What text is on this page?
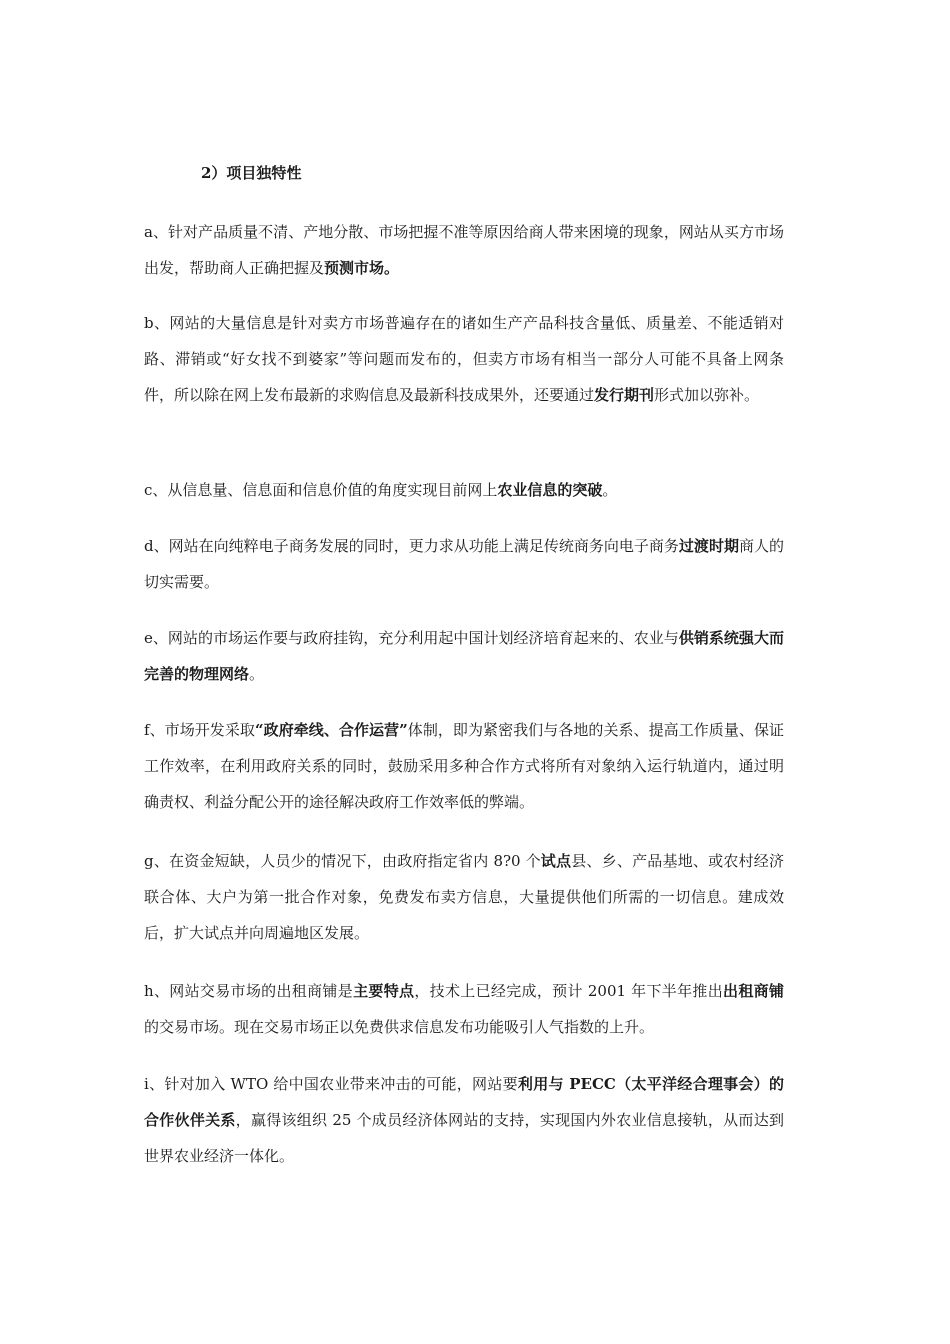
2）项目独特性
a、针对产品质量不清、产地分散、市场把握不准等原因给商人带来困境的现象，网站从买方市场出发，帮助商人正确把握及预测市场。
b、网站的大量信息是针对卖方市场普遍存在的诸如生产产品科技含量低、质量差、不能适销对路、滞销或“好女找不到婆家”等问题而发布的，但卖方市场有相当一部分人可能不具备上网条件，所以除在网上发布最新的求购信息及最新科技成果外，还要通过发行期刊形式加以弥补。
c、从信息量、信息面和信息价值的角度实现目前网上农业信息的突破。
d、网站在向纯粹电子商务发展的同时，更力求从功能上满足传统商务向电子商务过渡时期商人的切实需要。
e、网站的市场运作要与政府挂钩，充分利用起中国计划经济培育起来的、农业与供销系统强大而完善的物理网络。
f、市场开发采取“政府牵线、合作运营”体制，即为紧密我们与各地的关系、提高工作质量、保证工作效率，在利用政府关系的同时，鼓励采用多种合作方式将所有对象纳入运行轨道内，通过明确责权、利益分配公开的途径解决政府工作效率低的弊端。
g、在资金短缺，人员少的情况下，由政府指定省内 8?0 个试点县、乡、产品基地、或农村经济联合体、大户为第一批合作对象，免费发布卖方信息，大量提供他们所需的一切信息。建成效后，扩大试点并向周遍地区发展。
h、网站交易市场的出租商铺是主要特点，技术上已经完成，预计 2001 年下半年推出出租商铺的交易市场。现在交易市场正以免费供求信息发布功能吸引人气指数的上升。
i、针对加入 WTO 给中国农业带来冲击的可能，网站要利用与 PECC（太平洋经合理事会）的合作伙伴关系，赢得该组织 25 个成员经济体网站的支持，实现国内外农业信息接轨，从而达到世界农业经济一体化。
